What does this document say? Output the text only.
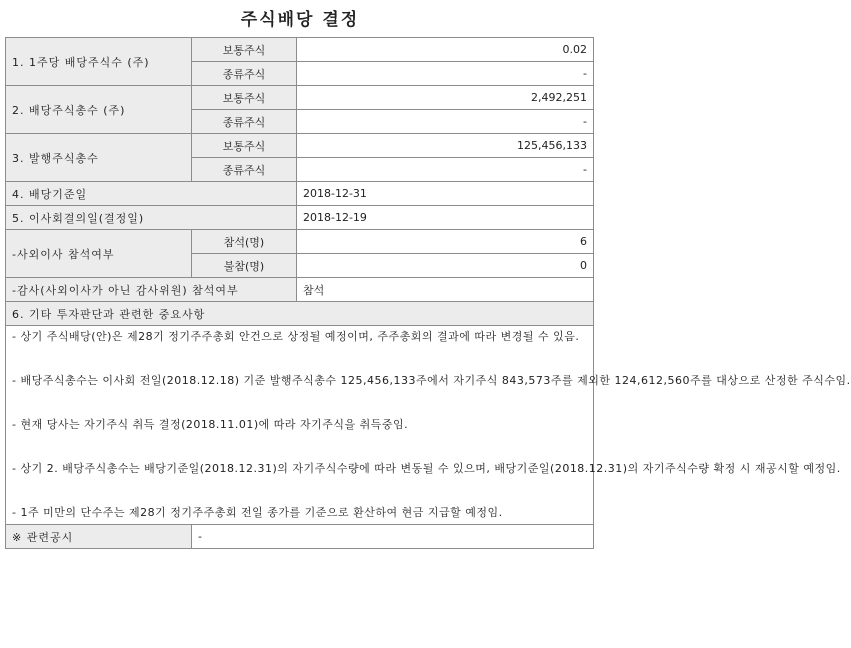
주식배당 결정
1. 1주당 배당주식수 (주)	보통주식	0.02
	종류주식	-
2. 배당주식총수 (주)	보통주식	2,492,251
	종류주식	-
3. 발행주식총수	보통주식	125,456,133
	종류주식	-
4. 배당기준일		2018-12-31
5. 이사회결의일(결정일)		2018-12-19
-사외이사 참석여부	참석(명)	6
	불참(명)	0
-감사(사외이사가 아닌 감사위원) 참석여부		참석
6. 기타 투자판단과 관련한 중요사항		

- 상기 주식배당(안)은 제28기 정기주주총회 안건으로 상정될 예정이며, 주주총회의 결과에 따라 변경될 수 있음.
- 배당주식총수는 이사회 전일(2018.12.18) 기준 발행주식총수 125,456,133주에서 자기주식 843,573주를 제외한 124,612,560주를 대상으로 산정한 주식수임.
- 현재 당사는 자기주식 취득 결정(2018.11.01)에 따라 자기주식을 취득중임.
- 상기 2. 배당주식총수는 배당기준일(2018.12.31)의 자기주식수량에 따라 변동될 수 있으며, 배당기준일(2018.12.31)의 자기주식수량 확정 시 재공시할 예정임.
- 1주 미만의 단수주는 제28기 정기주주총회 전일 종가를 기준으로 환산하여 현금 지급할 예정임.		

※ 관련공시	-	
